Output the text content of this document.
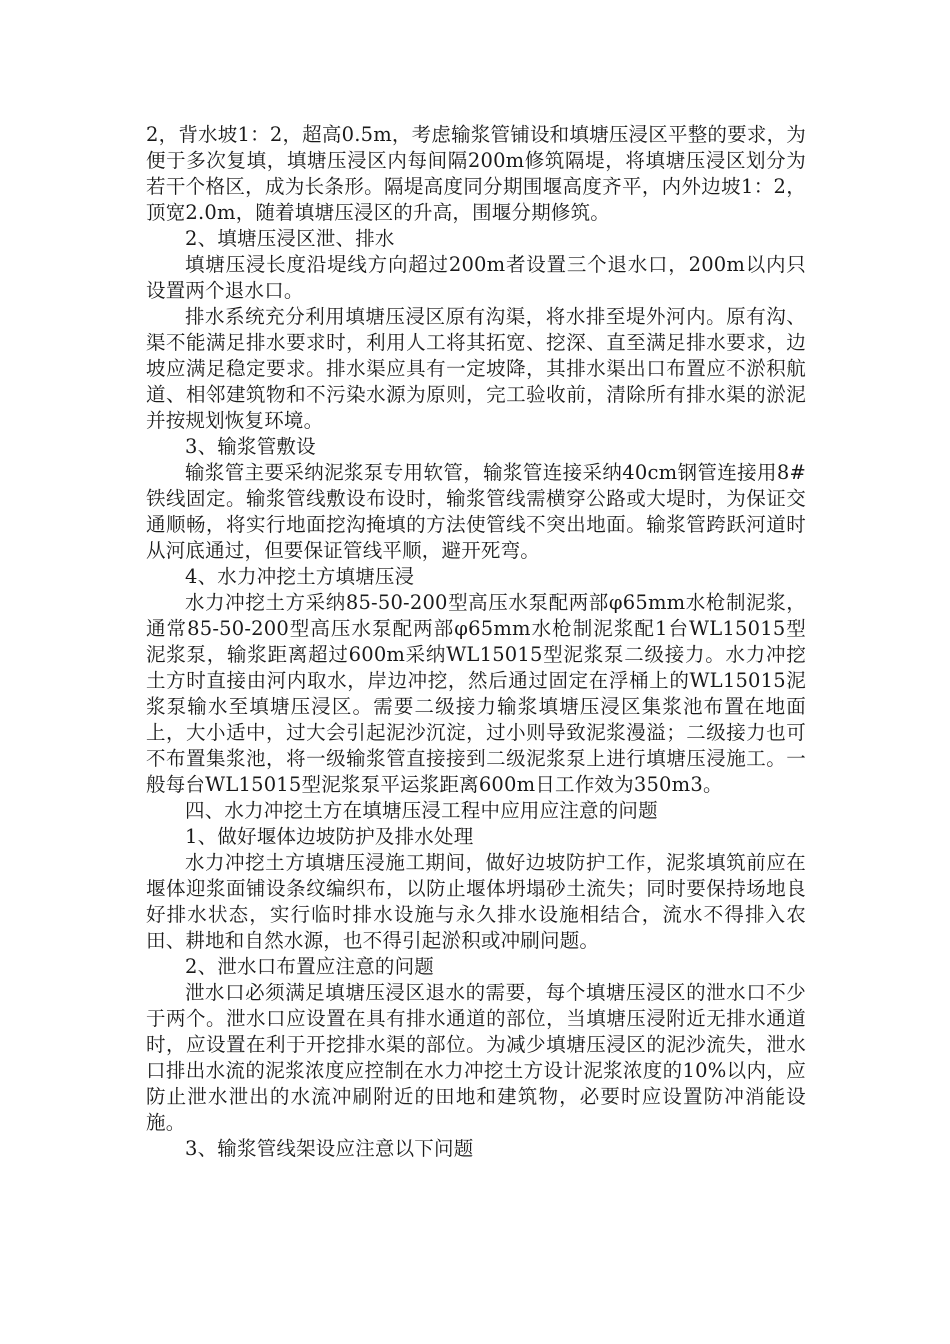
2，背水坡1：2，超高0.5m，考虑输浆管铺设和填塘压浸区平整的要求，为便于多次复填，填塘压浸区内每间隔200m修筑隔堤，将填塘压浸区划分为若干个格区，成为长条形。隔堤高度同分期围堰高度齐平，内外边坡1：2，顶宽2.0m，随着填塘压浸区的升高，围堰分期修筑。

2、填塘压浸区泄、排水

填塘压浸长度沿堤线方向超过200m者设置三个退水口，200m以内只设置两个退水口。

排水系统充分利用填塘压浸区原有沟渠，将水排至堤外河内。原有沟、渠不能满足排水要求时，利用人工将其拓宽、挖深、直至满足排水要求，边坡应满足稳定要求。排水渠应具有一定坡降，其排水渠出口布置应不淤积航道、相邻建筑物和不污染水源为原则，完工验收前，清除所有排水渠的淤泥并按规划恢复环境。

3、输浆管敷设

输浆管主要采纳泥浆泵专用软管，输浆管连接采纳40cm钢管连接用8#铁线固定。输浆管线敷设布设时，输浆管线需横穿公路或大堤时，为保证交通顺畅，将实行地面挖沟掩填的方法使管线不突出地面。输浆管跨跃河道时从河底通过，但要保证管线平顺，避开死弯。

4、水力冲挖土方填塘压浸

水力冲挖土方采纳85-50-200型高压水泵配两部φ65mm水枪制泥浆，通常85-50-200型高压水泵配两部φ65mm水枪制泥浆配1台WL15015型泥浆泵，输浆距离超过600m采纳WL15015型泥浆泵二级接力。水力冲挖土方时直接由河内取水，岸边冲挖，然后通过固定在浮桶上的WL15015泥浆泵输水至填塘压浸区。需要二级接力输浆填塘压浸区集浆池布置在地面上，大小适中，过大会引起泥沙沉淀，过小则导致泥浆漫溢；二级接力也可不布置集浆池，将一级输浆管直接接到二级泥浆泵上进行填塘压浸施工。一般每台WL15015型泥浆泵平运浆距离600m日工作效为350m3。

四、水力冲挖土方在填塘压浸工程中应用应注意的问题

1、做好堰体边坡防护及排水处理

水力冲挖土方填塘压浸施工期间，做好边坡防护工作，泥浆填筑前应在堰体迎浆面铺设条纹编织布，以防止堰体坍塌砂土流失；同时要保持场地良好排水状态，实行临时排水设施与永久排水设施相结合，流水不得排入农田、耕地和自然水源，也不得引起淤积或冲刷问题。

2、泄水口布置应注意的问题

泄水口必须满足填塘压浸区退水的需要，每个填塘压浸区的泄水口不少于两个。泄水口应设置在具有排水通道的部位，当填塘压浸附近无排水通道时，应设置在利于开挖排水渠的部位。为减少填塘压浸区的泥沙流失，泄水口排出水流的泥浆浓度应控制在水力冲挖土方设计泥浆浓度的10%以内，应防止泄水泄出的水流冲刷附近的田地和建筑物，必要时应设置防冲消能设施。

3、输浆管线架设应注意以下问题
